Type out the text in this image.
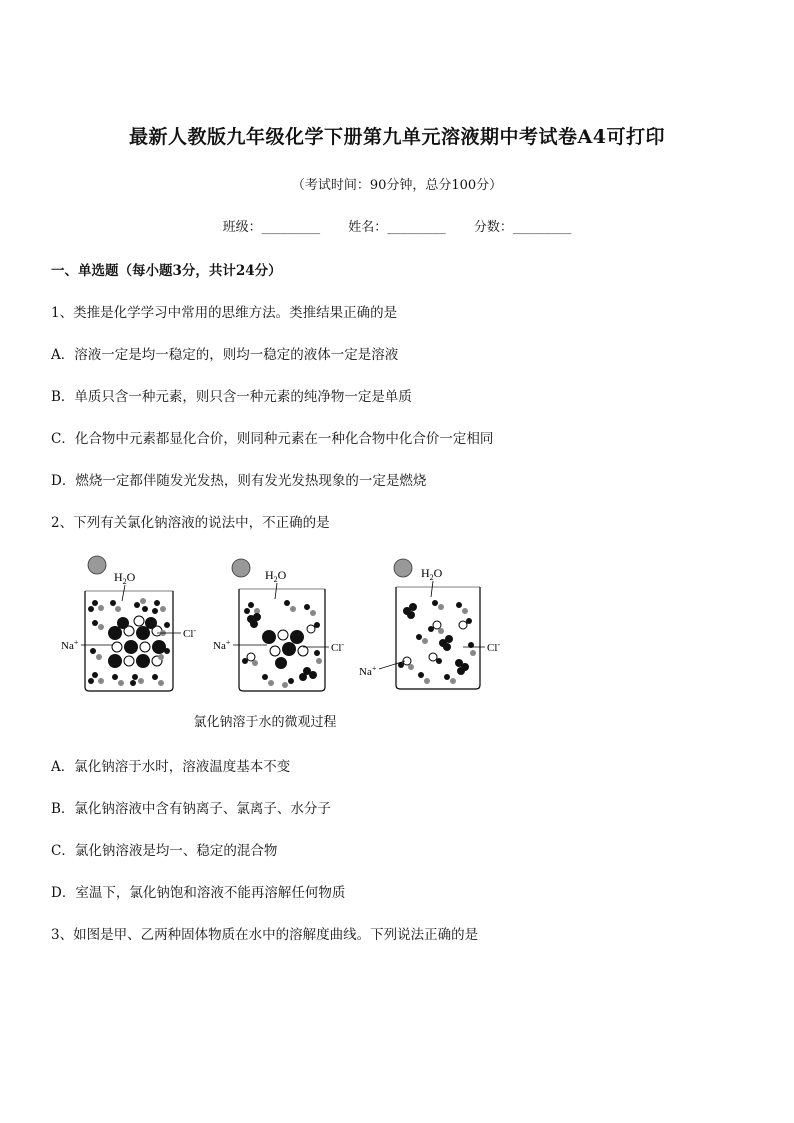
最新人教版九年级化学下册第九单元溶液期中考试卷A4可打印
（考试时间：90分钟，总分100分）
班级：_________ 姓名：_________ 分数：_________
一、单选题（每小题3分，共计24分）
1、类推是化学学习中常用的思维方法。类推结果正确的是
A．溶液一定是均一稳定的，则均一稳定的液体一定是溶液
B．单质只含一种元素，则只含一种元素的纯净物一定是单质
C．化合物中元素都显化合价，则同种元素在一种化合物中化合价一定相同
D．燃烧一定都伴随发光发热，则有发光发热现象的一定是燃烧
2、下列有关氯化钠溶液的说法中，不正确的是
$H_2O$
Na+
Cl-
$H_2O$
Na+	Cl-
$H_2O$
Na+
Cl-
氯化钠溶于水的微观过程
A．氯化钠溶于水时，溶液温度基本不变
B．氯化钠溶液中含有钠离子、氯离子、水分子
C．氯化钠溶液是均一、稳定的混合物
D．室温下，氯化钠饱和溶液不能再溶解任何物质
3、如图是甲、乙两种固体物质在水中的溶解度曲线。下列说法正确的是
